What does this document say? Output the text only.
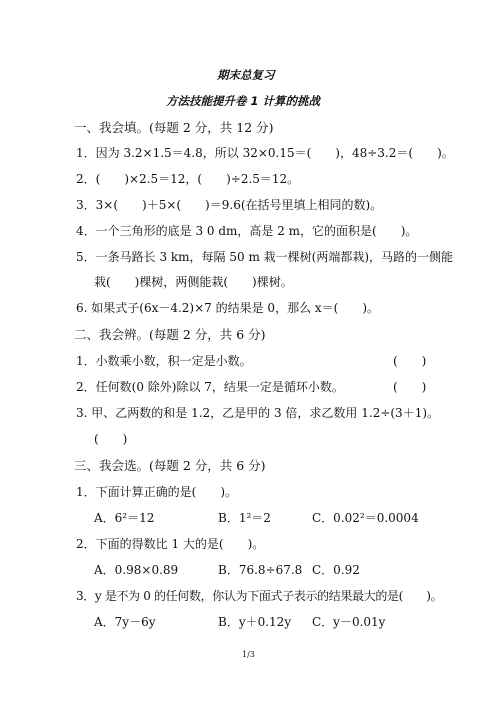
期末总复习
方法技能提升卷 1 计算的挑战
一、我会填。(每题 2 分，共 12 分)
1．因为 3.2×1.5＝4.8，所以 32×0.15＝(　　)，48÷3.2＝(　　)。
2．(　　)×2.5＝12，(　　)÷2.5＝12。
3．3×(　　)＋5×(　　)＝9.6(在括号里填上相同的数)。
4．一个三角形的底是 3 0 dm，高是 2 m，它的面积是(　　)。
5．一条马路长 3 km，每隔 50 m 栽一棵树(两端都栽)，马路的一侧能
栽(　　)棵树，两侧能栽(　　)棵树。
6. 如果式子(6x－4.2)×7 的结果是 0，那么 x＝(　　)。
二、我会辨。(每题 2 分，共 6 分)
1．小数乘小数，积一定是小数。	(　　)
2．任何数(0 除外)除以 7，结果一定是循环小数。	(　　)
3. 甲、乙两数的和是 1.2，乙是甲的 3 倍，求乙数用 1.2÷(3＋1)。
(　　)
三、我会选。(每题 2 分，共 6 分)
1．下面计算正确的是(　　)。
A．6²＝12	B．1²＝2	C．0.02²＝0.0004
2．下面的得数比 1 大的是(　　)。
A．0.98×0.89	B．76.8÷67.8 C．0.92
3．y 是不为 0 的任何数，你认为下面式子表示的结果最大的是(　　)。
A．7y－6y	B．y＋0.12y C．y－0.01y
1/3
